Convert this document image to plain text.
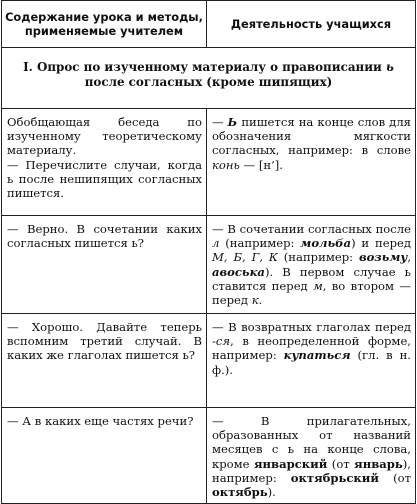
Содержание урока и методы, применяемые учителем	Деятельность учащихся
I. Опрос по изученному материалу о правописании ь после согласных (кроме шипящих)	

Обобщающая беседа по изученному теоретическому материалу.

— Перечислите случаи, когда ь после нешипящих согласных пишется.	— Ь пишется на конце слов для обозначения мягкости согласных, например: в слове конь — [н’].
— Верно. В сочетании каких согласных пишется ь?	— В сочетании согласных после л (например: мольба) и перед М, Б, Г, К (например: возьму, авоська). В первом случае ь ставится перед м, во втором — перед к.
— Хорошо. Давайте теперь вспомним третий случай. В каких же глаголах пишется ь?	— В возвратных глаголах перед -ся, в неопределенной форме, например: купаться (гл. в н. ф.).
— А в каких еще частях речи?	— В прилагательных, образованных от названий месяцев с ь на конце слова, кроме январский (от январь), например: октябрьский (от октябрь).
